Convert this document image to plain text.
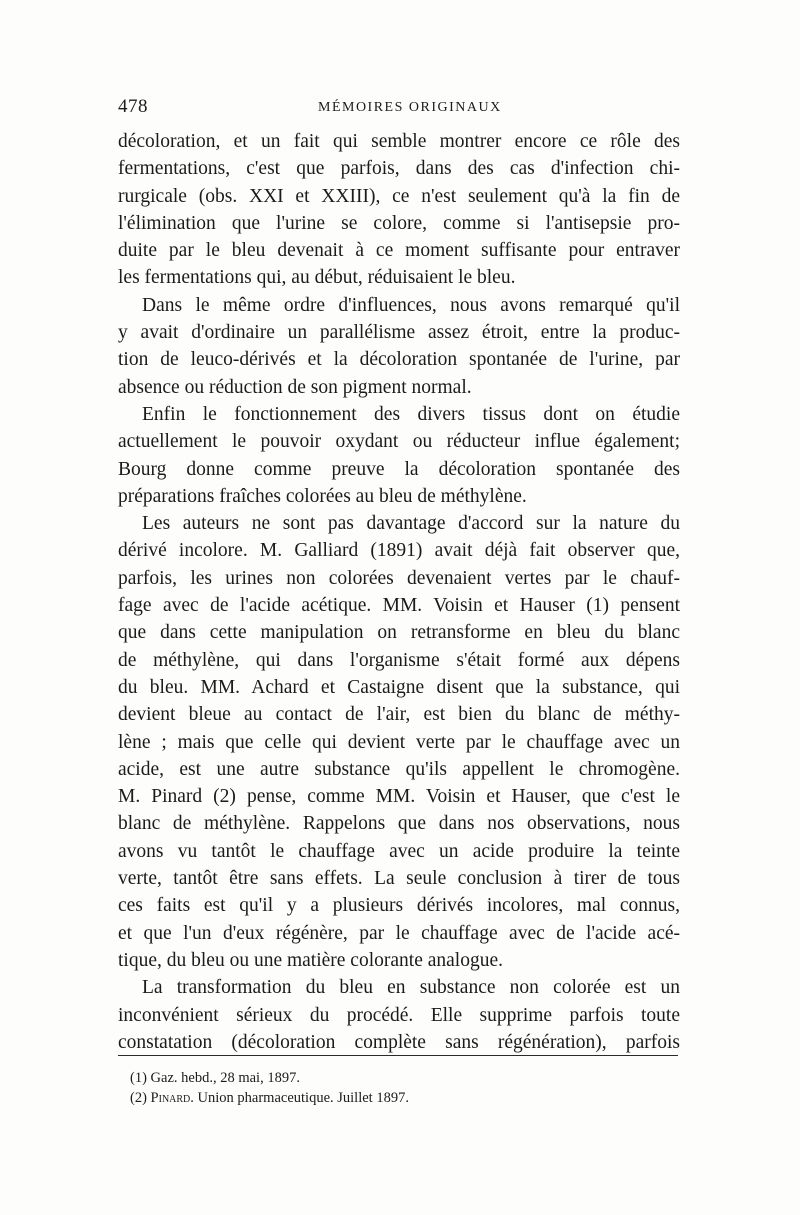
478	MÉMOIRES ORIGINAUX
décoloration, et un fait qui semble montrer encore ce rôle des
fermentations, c'est que parfois, dans des cas d'infection chi-
rurgicale (obs. XXI et XXIII), ce n'est seulement qu'à la fin de
l'élimination que l'urine se colore, comme si l'antisepsie pro-
duite par le bleu devenait à ce moment suffisante pour entraver
les fermentations qui, au début, réduisaient le bleu.
Dans le même ordre d'influences, nous avons remarqué qu'il
y avait d'ordinaire un parallélisme assez étroit, entre la produc-
tion de leuco-dérivés et la décoloration spontanée de l'urine, par
absence ou réduction de son pigment normal.
Enfin le fonctionnement des divers tissus dont on étudie
actuellement le pouvoir oxydant ou réducteur influe également;
Bourg donne comme preuve la décoloration spontanée des
préparations fraîches colorées au bleu de méthylène.
Les auteurs ne sont pas davantage d'accord sur la nature du
dérivé incolore. M. Galliard (1891) avait déjà fait observer que,
parfois, les urines non colorées devenaient vertes par le chauf-
fage avec de l'acide acétique. MM. Voisin et Hauser (1) pensent
que dans cette manipulation on retransforme en bleu du blanc
de méthylène, qui dans l'organisme s'était formé aux dépens
du bleu. MM. Achard et Castaigne disent que la substance, qui
devient bleue au contact de l'air, est bien du blanc de méthy-
lène ; mais que celle qui devient verte par le chauffage avec un
acide, est une autre substance qu'ils appellent le chromogène.
M. Pinard (2) pense, comme MM. Voisin et Hauser, que c'est le
blanc de méthylène. Rappelons que dans nos observations, nous
avons vu tantôt le chauffage avec un acide produire la teinte
verte, tantôt être sans effets. La seule conclusion à tirer de tous
ces faits est qu'il y a plusieurs dérivés incolores, mal connus,
et que l'un d'eux régénère, par le chauffage avec de l'acide acé-
tique, du bleu ou une matière colorante analogue.
La transformation du bleu en substance non colorée est un
inconvénient sérieux du procédé. Elle supprime parfois toute
constatation (décoloration complète sans régénération), parfois
(1) Gaz. hebd., 28 mai, 1897.
(2) Pinard. Union pharmaceutique. Juillet 1897.
